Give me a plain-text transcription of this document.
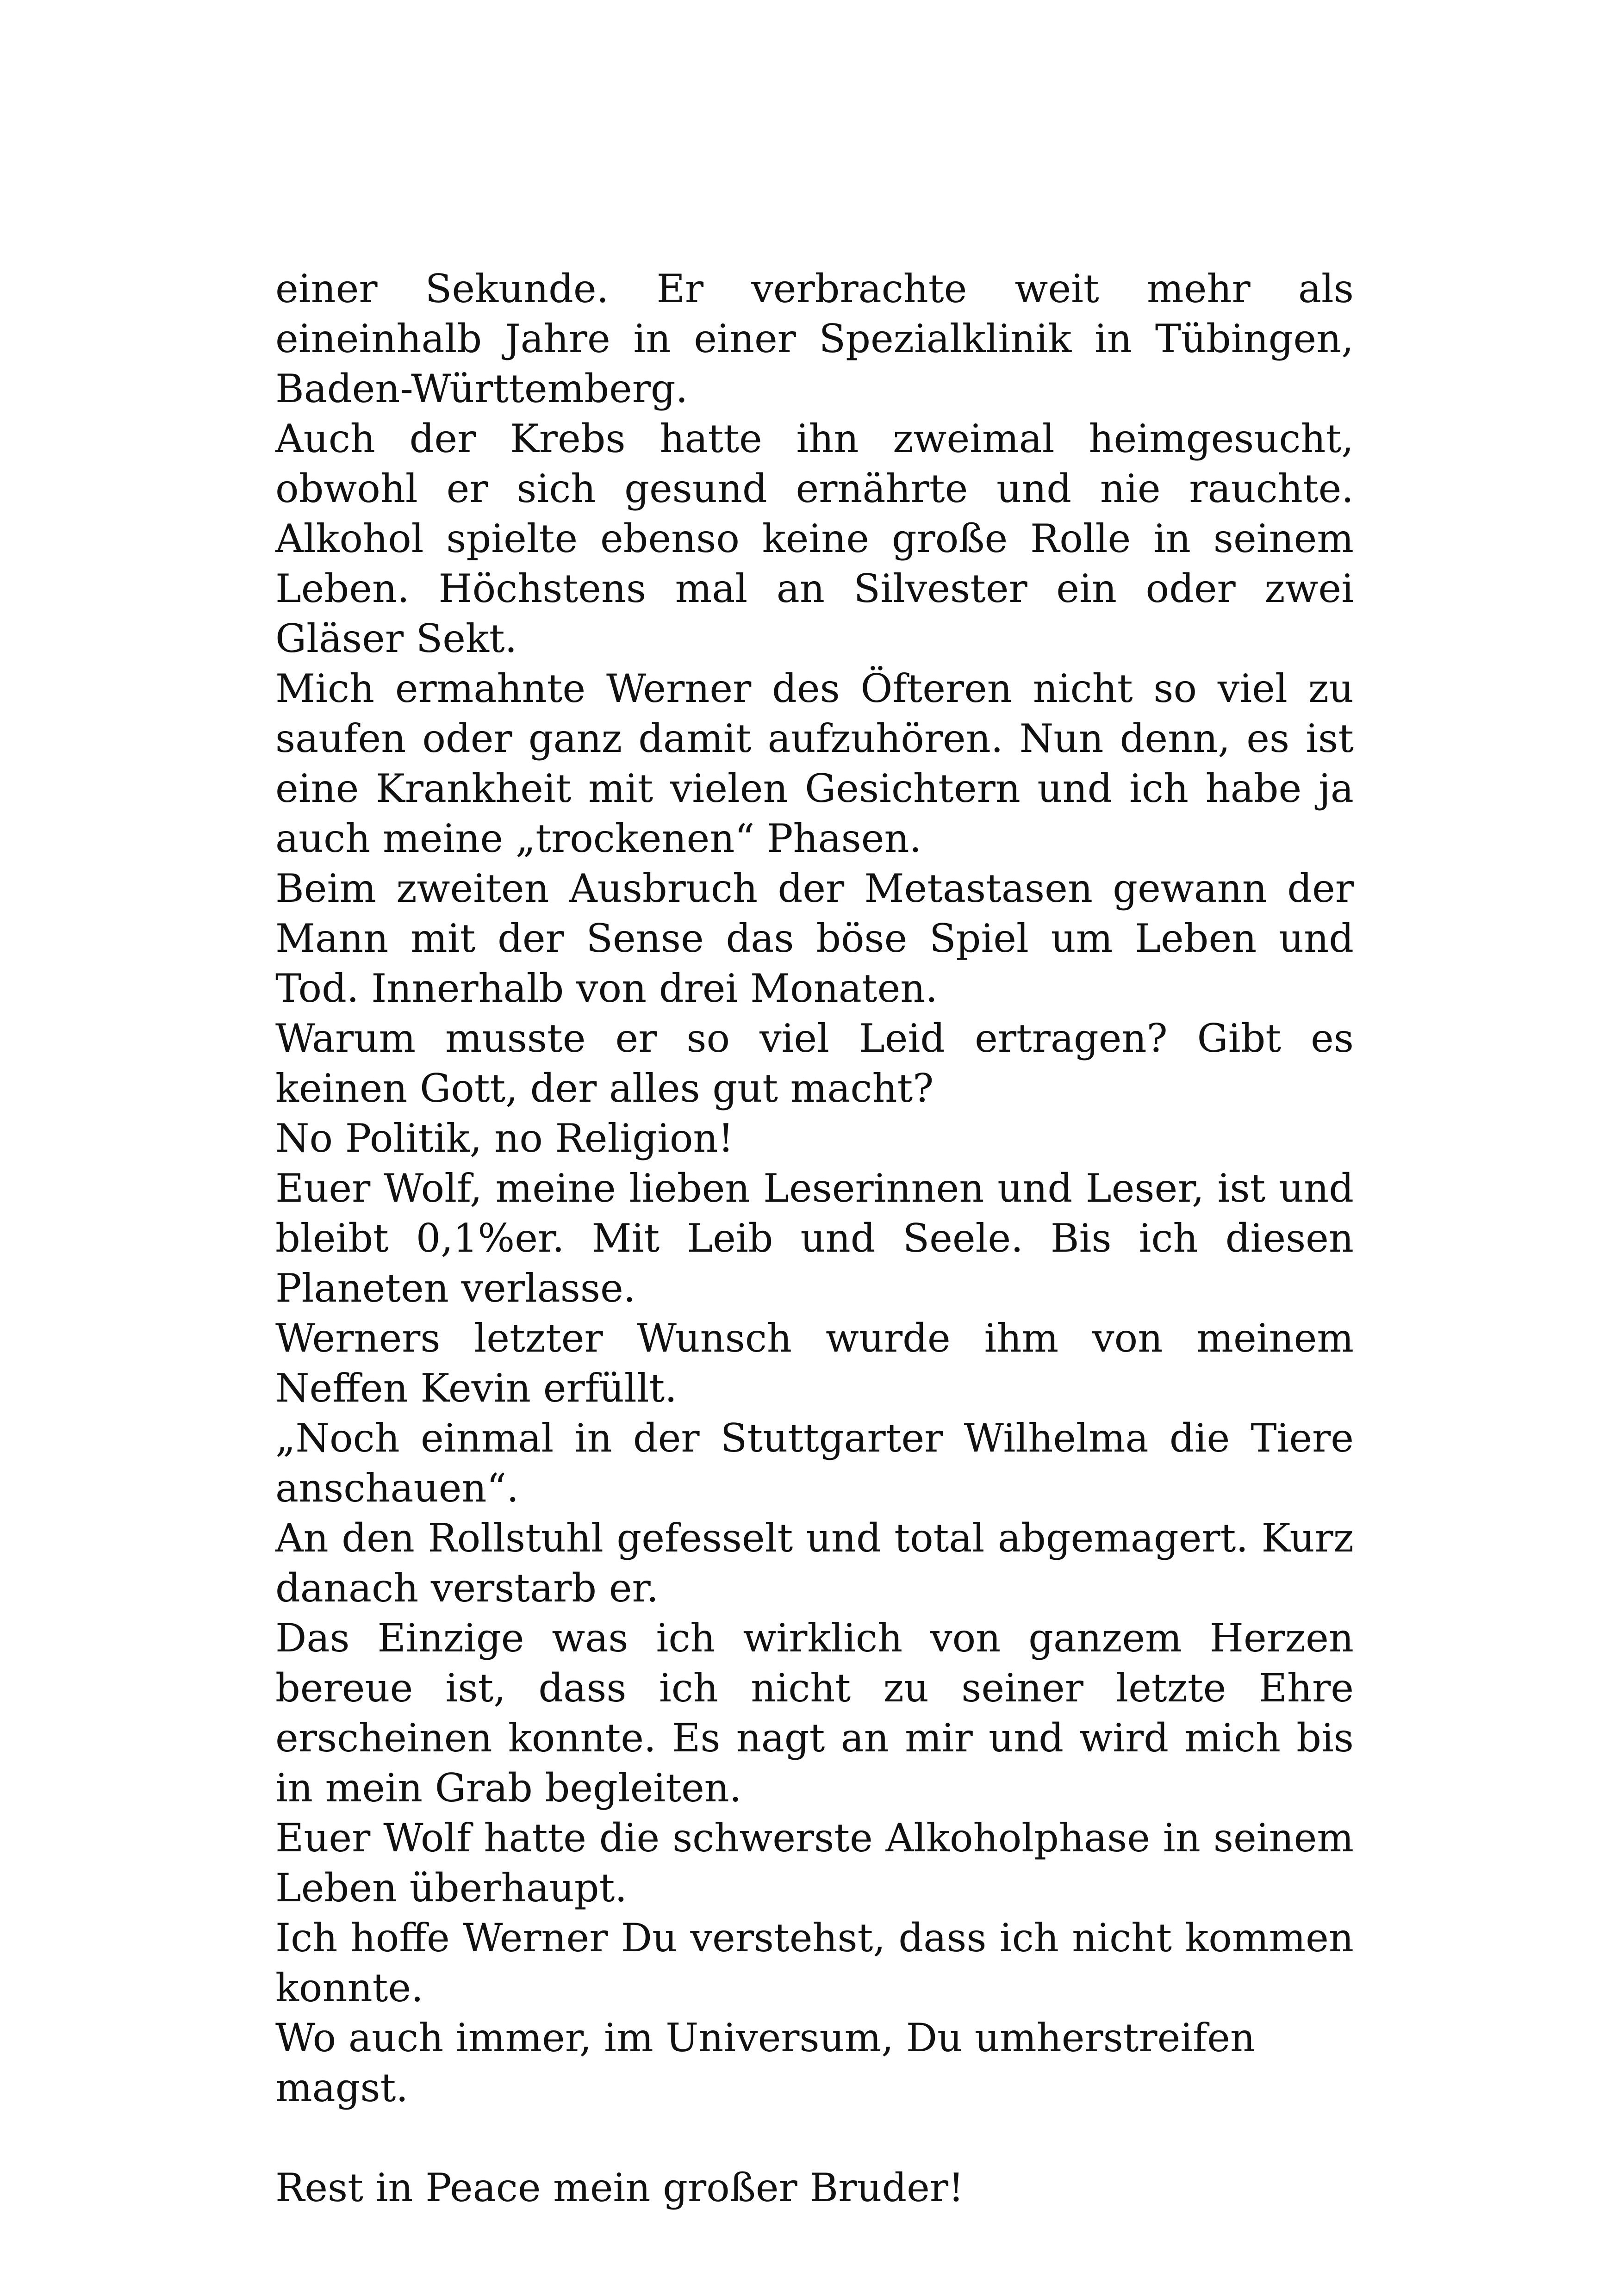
einer Sekunde. Er verbrachte weit mehr als eineinhalb Jahre in einer Spezialklinik in Tübingen, Baden-Württemberg.

Auch der Krebs hatte ihn zweimal heimgesucht, obwohl er sich gesund ernährte und nie rauchte. Alkohol spielte ebenso keine große Rolle in seinem Leben. Höchstens mal an Silvester ein oder zwei Gläser Sekt.

Mich ermahnte Werner des Öfteren nicht so viel zu saufen oder ganz damit aufzuhören. Nun denn, es ist eine Krankheit mit vielen Gesichtern und ich habe ja auch meine „trockenen“ Phasen.

Beim zweiten Ausbruch der Metastasen gewann der Mann mit der Sense das böse Spiel um Leben und Tod. Innerhalb von drei Monaten.

Warum musste er so viel Leid ertragen? Gibt es keinen Gott, der alles gut macht?

No Politik, no Religion!

Euer Wolf, meine lieben Leserinnen und Leser, ist und bleibt 0,1%er. Mit Leib und Seele. Bis ich diesen Planeten verlasse.

Werners letzter Wunsch wurde ihm von meinem Neffen Kevin erfüllt.

„Noch einmal in der Stuttgarter Wilhelma die Tiere anschauen“.

An den Rollstuhl gefesselt und total abgemagert. Kurz danach verstarb er.

Das Einzige was ich wirklich von ganzem Herzen bereue ist, dass ich nicht zu seiner letzte Ehre erscheinen konnte. Es nagt an mir und wird mich bis in mein Grab begleiten.

Euer Wolf hatte die schwerste Alkoholphase in seinem Leben überhaupt.

Ich hoffe Werner Du verstehst, dass ich nicht kommen konnte.

Wo auch immer, im Universum, Du umherstreifen magst.

Rest in Peace mein großer Bruder!
